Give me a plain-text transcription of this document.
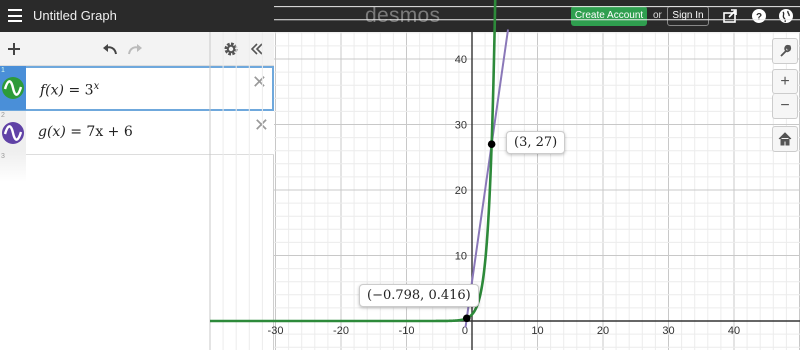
Untitled Graph	desmos	Create Account or	Sign In	?
1
$f(x) = 3^x$	✕
2
g(x) = 7x + 6	✕
3
-30	-20	-10	0	10	20	30	40
10
20
30
40
(3, 27)
(−0.798, 0.416)
+
−
